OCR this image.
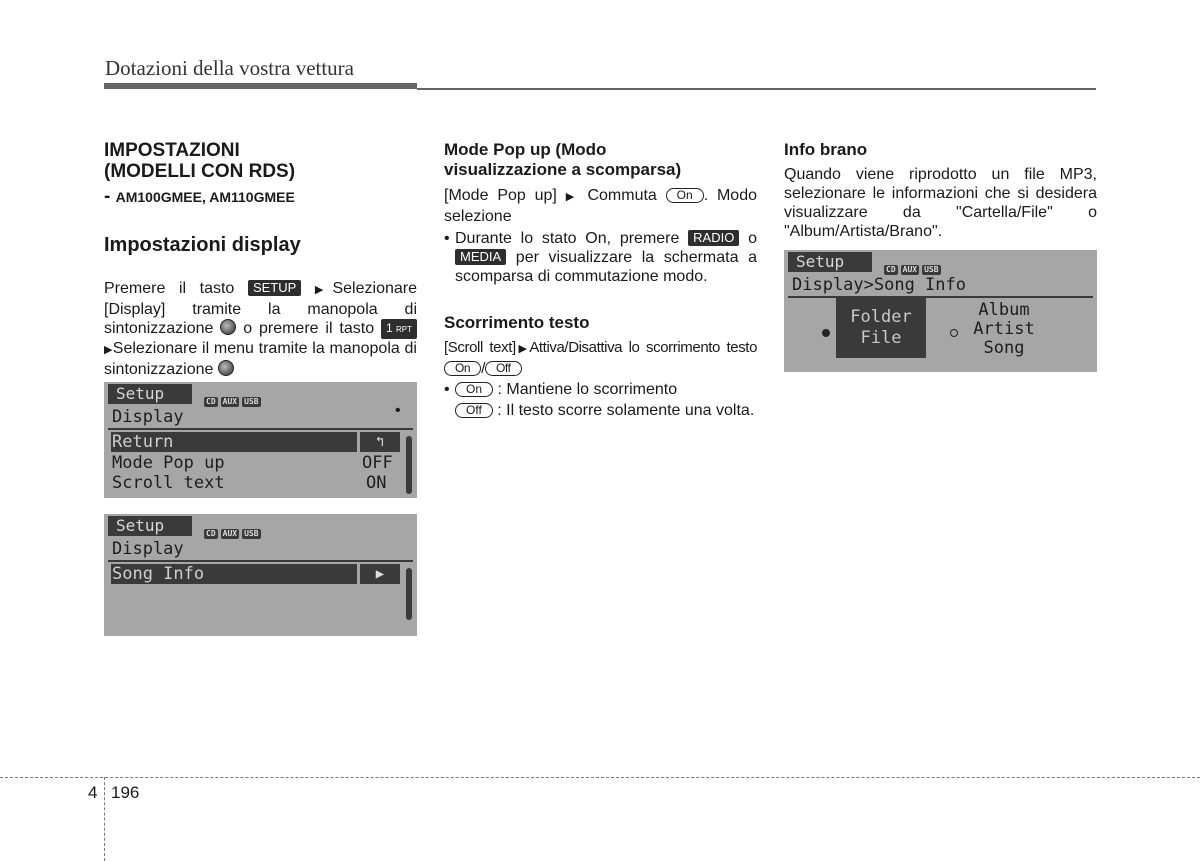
Dotazioni della vostra vettura
IMPOSTAZIONI
(MODELLI CON RDS)
- AM100GMEE, AM110GMEE
Impostazioni display
Premere il tasto SETUP ▶Selezionare [Display] tramite la manopola di sintonizzazione o premere il tasto 1 RPT ▶Selezionare il menu tramite la manopola di sintonizzazione
Setup	CD AUX USB
Display
Return	↰
Mode Pop up	OFF
Scroll text	ON
Setup	CD AUX USB
Display
Song Info	▶
Mode Pop up (Modo
visualizzazione a scomparsa)
[Mode Pop up] ▶ Commuta On . Modo selezione
• Durante lo stato On, premere RADIO o MEDIA per visualizzare la schermata a scomparsa di commutazione modo.
Scorrimento testo
[Scroll text]▶Attiva/Disattiva lo scorrimento testo On / Off
• On : Mantiene lo scorrimento
• Off : Il testo scorre solamente una volta.
Info brano
Quando viene riprodotto un file MP3, selezionare le informazioni che si desidera visualizzare da "Cartella/File" o "Album/Artista/Brano".
Setup	CD AUX USB
Display>Song Info
Folder
File
Album
Artist
Song
4 196
